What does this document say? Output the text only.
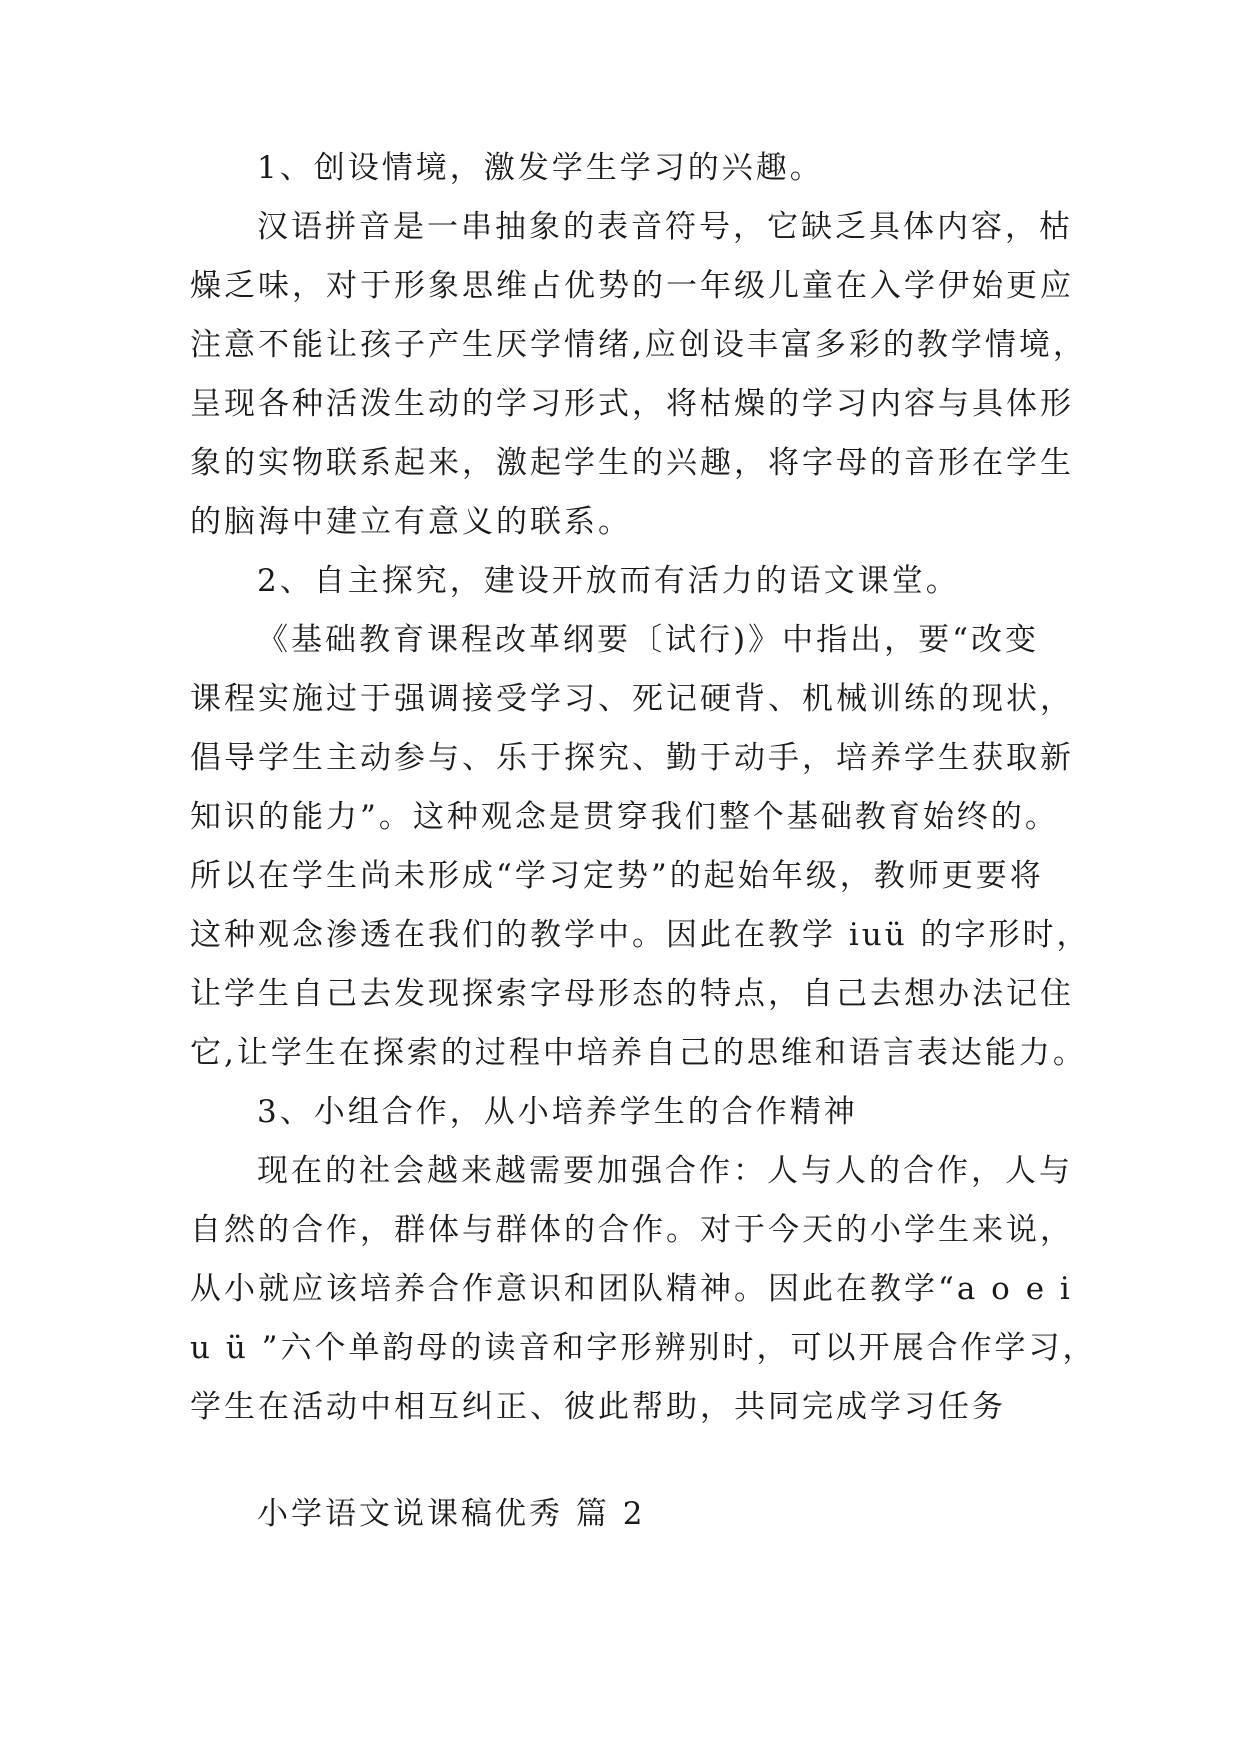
1、创设情境，激发学生学习的兴趣。
汉语拼音是一串抽象的表音符号，它缺乏具体内容，枯
燥乏味，对于形象思维占优势的一年级儿童在入学伊始更应
注意不能让孩子产生厌学情绪,应创设丰富多彩的教学情境，
呈现各种活泼生动的学习形式，将枯燥的学习内容与具体形
象的实物联系起来，激起学生的兴趣，将字母的音形在学生
的脑海中建立有意义的联系。
2、自主探究，建设开放而有活力的语文课堂。
《基础教育课程改革纲要〔试行)》中指出，要“改变
课程实施过于强调接受学习、死记硬背、机械训练的现状，
倡导学生主动参与、乐于探究、勤于动手，培养学生获取新
知识的能力”。这种观念是贯穿我们整个基础教育始终的。
所以在学生尚未形成“学习定势”的起始年级，教师更要将
这种观念渗透在我们的教学中。因此在教学 iuü 的字形时，
让学生自己去发现探索字母形态的特点，自己去想办法记住
它,让学生在探索的过程中培养自己的思维和语言表达能力。
3、小组合作，从小培养学生的合作精神
现在的社会越来越需要加强合作：人与人的合作，人与
自然的合作，群体与群体的合作。对于今天的小学生来说，
从小就应该培养合作意识和团队精神。因此在教学“a o e i
u ü ”六个单韵母的读音和字形辨别时，可以开展合作学习，
学生在活动中相互纠正、彼此帮助，共同完成学习任务
小学语文说课稿优秀 篇 2
